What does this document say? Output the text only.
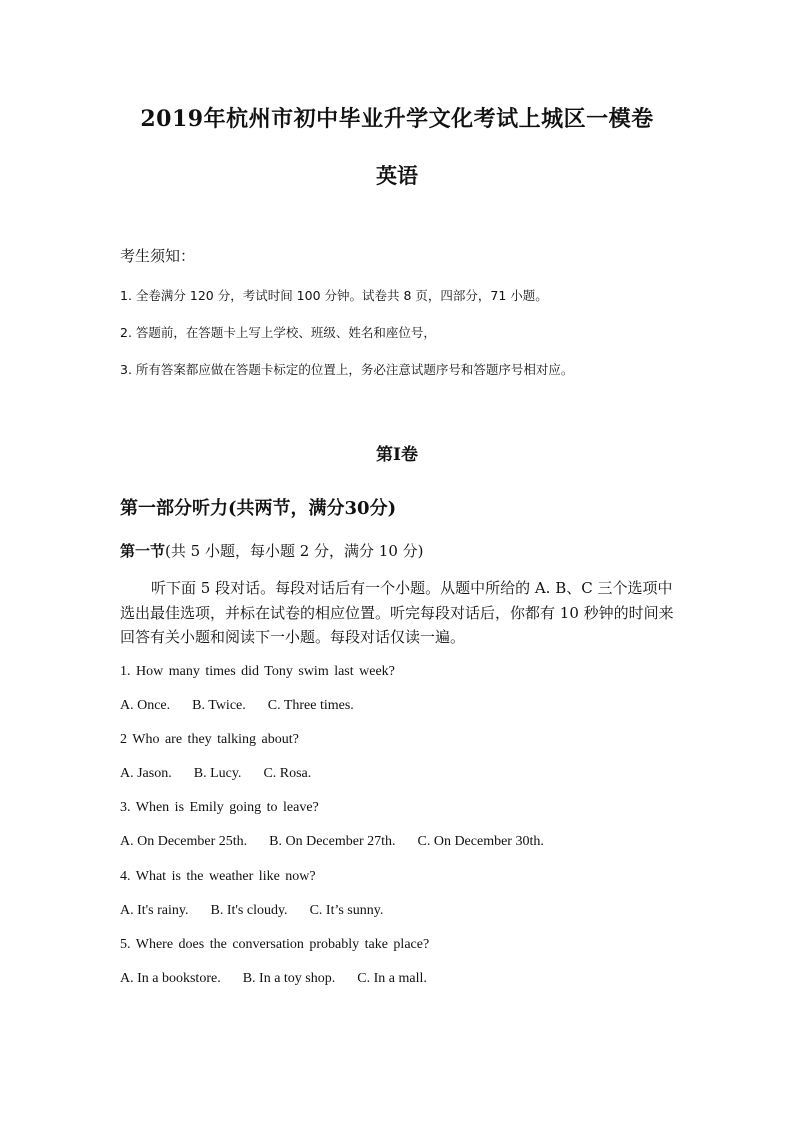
2019年杭州市初中毕业升学文化考试上城区一模卷
英语
考生须知：
1. 全卷满分 120 分，考试时间 100 分钟。试卷共 8 页，四部分，71 小题。
2. 答题前，在答题卡上写上学校、班级、姓名和座位号，
3. 所有答案都应做在答题卡标定的位置上，务必注意试题序号和答题序号相对应。
第Ⅰ卷
第一部分听力(共两节，满分30分)
第一节(共 5 小题，每小题 2 分，满分 10 分)
听下面 5 段对话。每段对话后有一个小题。从题中所给的 A. B、C 三个选项中选出最佳选项，并标在试卷的相应位置。听完每段对话后，你都有 10 秒钟的时间来回答有关小题和阅读下一小题。每段对话仅读一遍。
1. How many times did Tony swim last week?
A. Once. B. Twice. C. Three times.
2 Who are they talking about?
A. Jason. B. Lucy. C. Rosa.
3. When is Emily going to leave?
A. On December 25th. B. On December 27th. C. On December 30th.
4. What is the weather like now?
A. It's rainy. B. It's cloudy. C. It’s sunny.
5. Where does the conversation probably take place?
A. In a bookstore. B. In a toy shop. C. In a mall.
